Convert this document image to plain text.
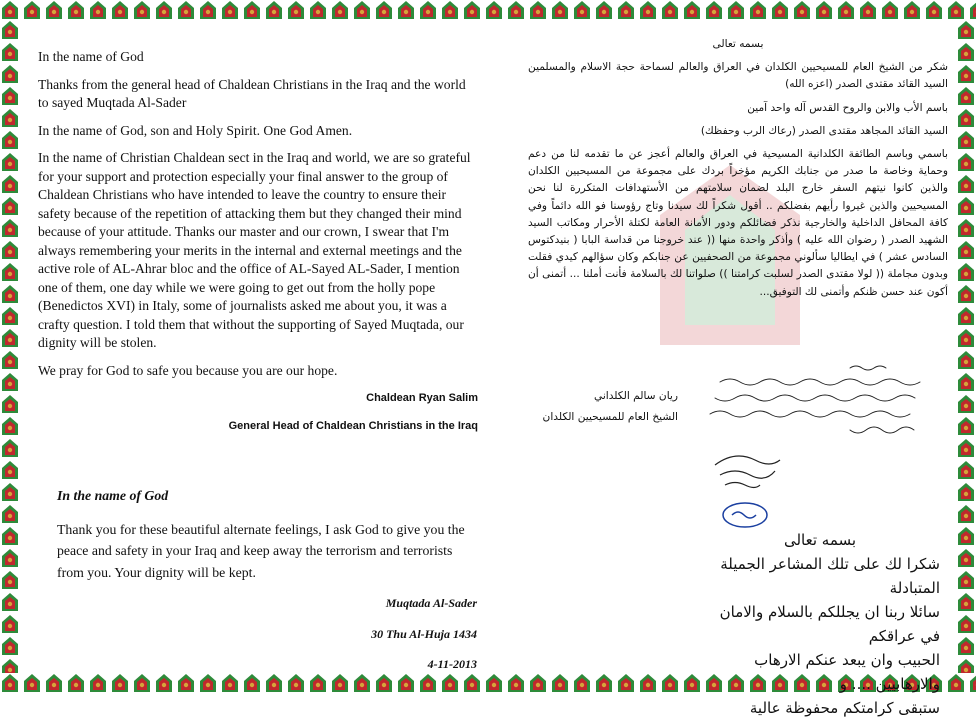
In the name of God

Thanks from the general head of Chaldean Christians in the Iraq and the world to sayed Muqtada Al-Sader

In the name of God, son and Holy Spirit. One God Amen.

In the name of Christian Chaldean sect in the Iraq and world, we are so grateful for your support and protection especially your final answer to the group of Chaldean Christians who have intended to leave the country to ensure their safety because of the repetition of attacking them but they changed their mind because of your attitude. Thanks our master and our crown, I swear that I'm always remembering your merits in the internal and external meetings and the active role of AL-Ahrar bloc and the office of AL-Sayed AL-Sader, I mention one of them, one day while we were going to get out from the holly pope (Benedictos XVI) in Italy, some of journalists asked me about you, it was a crafty question. I told them that without the supporting of Sayed Muqtada, our dignity will be stolen.

We pray for God to safe you because you are our hope.

Chaldean Ryan Salim

General Head of Chaldean Christians in the Iraq

In the name of God

Thank you for these beautiful alternate feelings, I ask God to give you the peace and safety in your Iraq and keep away the terrorism and terrorists from you. Your dignity will be kept.

Muqtada Al-Sader

30 Thu Al-Huja 1434

4-11-2013

بسمه تعالى

شكر من الشيخ العام للمسيحيين الكلدان في العراق والعالم لسماحة حجة الاسلام والمسلمين السيد القائد مقتدى الصدر (اعزه الله)

باسم الأب والابن والروح القدس آله واحد آمين

السيد القائد المجاهد مقتدى الصدر (رعاك الرب وحفظك)

باسمي وباسم الطائفة الكلدانية المسيحية في العراق والعالم أعجز عن ما تقدمه لنا من دعم وحماية وخاصة ما صدر من جنابك الكريم مؤخراً بردك على مجموعة من المسيحيين الكلدان والذين كانوا نيتهم السفر خارج البلد لضمان سلامتهم من الأستهدافات المتكررة لنا نحن المسيحيين والذين غيروا رأيهم بفضلكم .. أقول شكراً لك سيدنا وتاج رؤوسنا فو الله دائماً وفي كافة المحافل الداخلية والخارجية نذكر فضائلكم ودور الأمانة العامة لكتلة الأحرار ومكاتب السيد الشهيد الصدر ( رضوان الله عليه ) وأذكر واحدة منها (( عند خروجنا من قداسة البابا ( بنيدكتوس السادس عشر ) في ايطاليا سألوني مجموعة من الصحفيين عن جنابكم وكان سؤالهم كيدي فقلت وبدون مجاملة (( لولا مقتدى الصدر لسلبت كرامتنا )) صلواتنا لك بالسلامة فأنت أملنا ... أتمنى أن أكون عند حسن ظنكم وأتمنى لك التوفيق...

ريان سالم الكلداني

الشيخ العام للمسيحيين الكلدان

بسمه تعالى

شكرا لك على تلك المشاعر الجميلة المتبادلة

سائلا ربنا ان يجللكم بالسلام والامان في عراقكم

الحبيب وان يبعد عنكم الارهاب والارهابيين .... و

ستبقى كرامتكم محفوظة عالية
